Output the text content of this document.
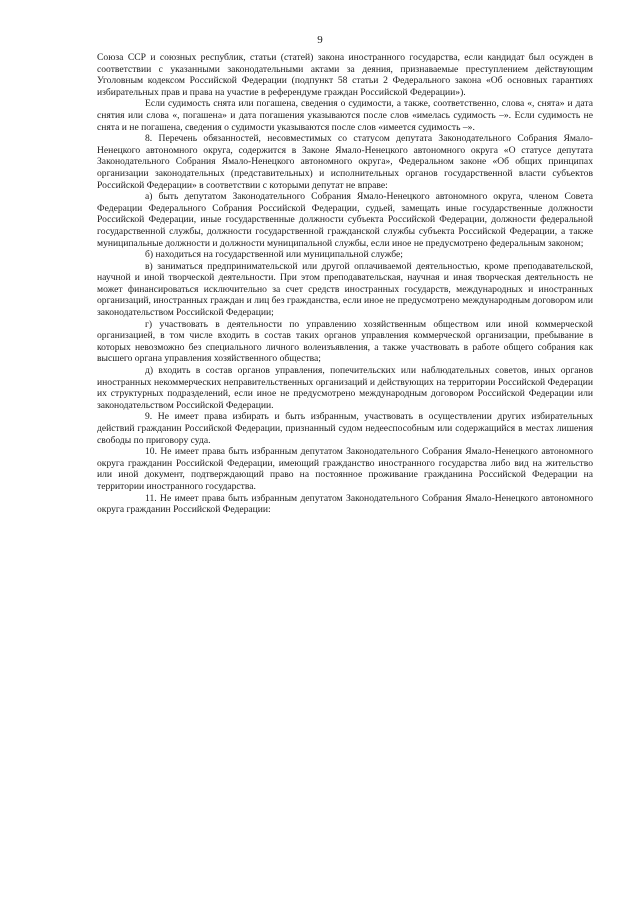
9

Союза ССР и союзных республик, статьи (статей) закона иностранного государства, если кандидат был осужден в соответствии с указанными законодательными актами за деяния, признаваемые преступлением действующим Уголовным кодексом Российской Федерации (подпункт 58 статьи 2 Федерального закона «Об основных гарантиях избирательных прав и права на участие в референдуме граждан Российской Федерации»).

Если судимость снята или погашена, сведения о судимости, а также, соответственно, слова «, снята» и дата снятия или слова «, погашена» и дата погашения указываются после слов «имелась судимость –». Если судимость не снята и не погашена, сведения о судимости указываются после слов «имеется судимость –».

8. Перечень обязанностей, несовместимых со статусом депутата Законодательного Собрания Ямало-Ненецкого автономного округа, содержится в Законе Ямало-Ненецкого автономного округа «О статусе депутата Законодательного Собрания Ямало-Ненецкого автономного округа», Федеральном законе «Об общих принципах организации законодательных (представительных) и исполнительных органов государственной власти субъектов Российской Федерации» в соответствии с которыми депутат не вправе:

а) быть депутатом Законодательного Собрания Ямало-Ненецкого автономного округа, членом Совета Федерации Федерального Собрания Российской Федерации, судьей, замещать иные государственные должности Российской Федерации, иные государственные должности субъекта Российской Федерации, должности федеральной государственной службы, должности государственной гражданской службы субъекта Российской Федерации, а также муниципальные должности и должности муниципальной службы, если иное не предусмотрено федеральным законом;

б) находиться на государственной или муниципальной службе;

в) заниматься предпринимательской или другой оплачиваемой деятельностью, кроме преподавательской, научной и иной творческой деятельности. При этом преподавательская, научная и иная творческая деятельность не может финансироваться исключительно за счет средств иностранных государств, международных и иностранных организаций, иностранных граждан и лиц без гражданства, если иное не предусмотрено международным договором или законодательством Российской Федерации;

г) участвовать в деятельности по управлению хозяйственным обществом или иной коммерческой организацией, в том числе входить в состав таких органов управления коммерческой организации, пребывание в которых невозможно без специального личного волеизъявления, а также участвовать в работе общего собрания как высшего органа управления хозяйственного общества;

д) входить в состав органов управления, попечительских или наблюдательных советов, иных органов иностранных некоммерческих неправительственных организаций и действующих на территории Российской Федерации их структурных подразделений, если иное не предусмотрено международным договором Российской Федерации или законодательством Российской Федерации.

9. Не имеет права избирать и быть избранным, участвовать в осуществлении других избирательных действий гражданин Российской Федерации, признанный судом недееспособным или содержащийся в местах лишения свободы по приговору суда.

10. Не имеет права быть избранным депутатом Законодательного Собрания Ямало-Ненецкого автономного округа гражданин Российской Федерации, имеющий гражданство иностранного государства либо вид на жительство или иной документ, подтверждающий право на постоянное проживание гражданина Российской Федерации на территории иностранного государства.

11. Не имеет права быть избранным депутатом Законодательного Собрания Ямало-Ненецкого автономного округа гражданин Российской Федерации:
